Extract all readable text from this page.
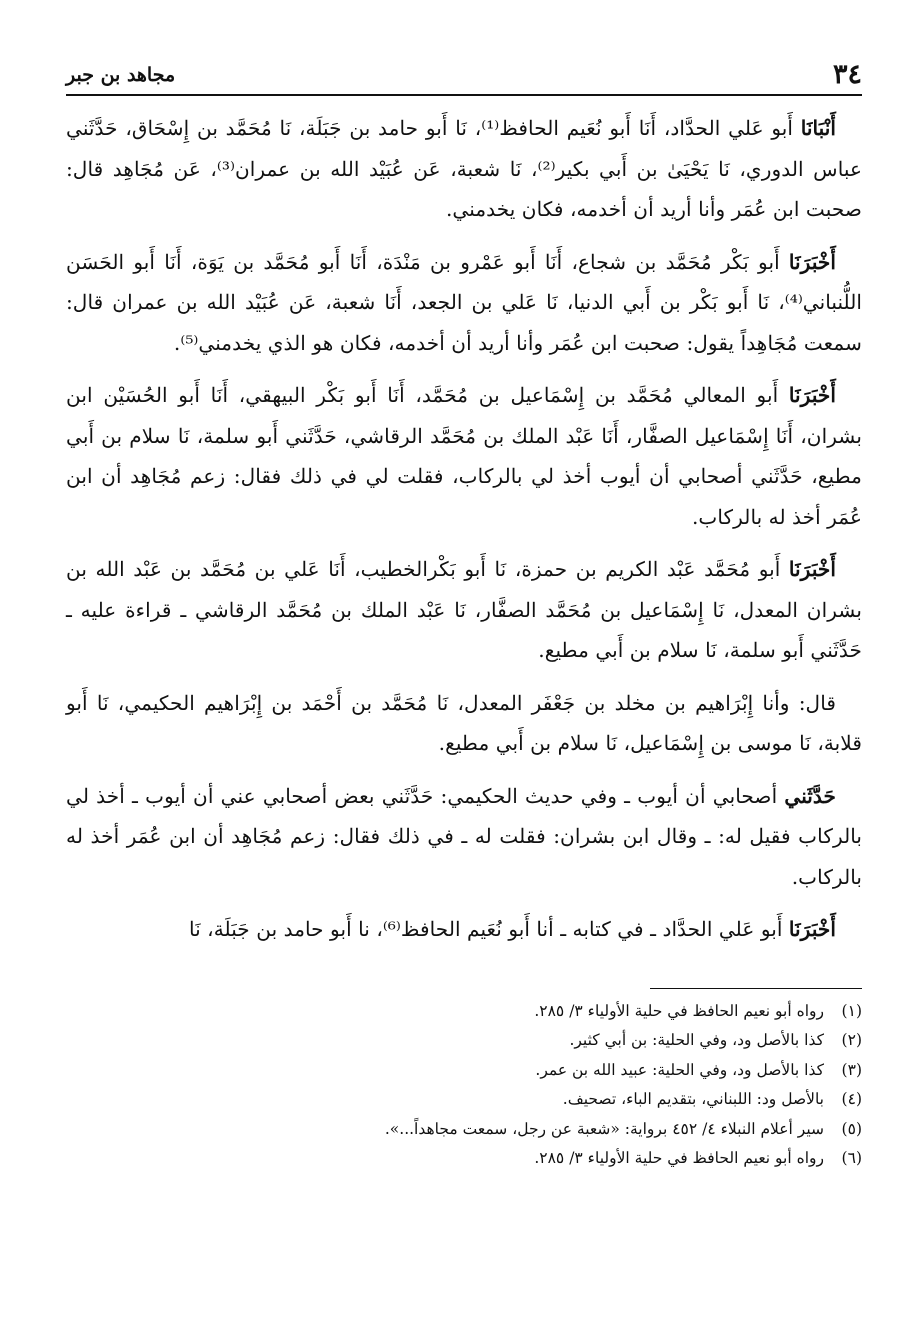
٣٤
مجاهد بن جبر

أَنْبَانَا أَبو عَلي الحدَّاد، أَنَا أَبو نُعَيم الحافظ⁽¹⁾، نَا أَبو حامد بن جَبَلَة، نَا مُحَمَّد بن إِسْحَاق، حَدَّثَني عباس الدوري، نَا يَحْيَىٰ بن أَبي بكير⁽²⁾، نَا شعبة، عَن عُبَيْد الله بن عمران⁽³⁾، عَن مُجَاهِد قال: صحبت ابن عُمَر وأنا أريد أن أخدمه، فكان يخدمني.

أَخْبَرَنَا أَبو بَكْر مُحَمَّد بن شجاع، أَنَا أَبو عَمْرو بن مَنْدَة، أَنَا أَبو مُحَمَّد بن يَوَة، أَنَا أَبو الحَسَن اللُّنباني⁽⁴⁾، نَا أَبو بَكْر بن أَبي الدنيا، نَا عَلي بن الجعد، أَنَا شعبة، عَن عُبَيْد الله بن عمران قال: سمعت مُجَاهِداً يقول: صحبت ابن عُمَر وأنا أريد أن أخدمه، فكان هو الذي يخدمني⁽⁵⁾.

أَخْبَرَنَا أَبو المعالي مُحَمَّد بن إِسْمَاعيل بن مُحَمَّد، أَنَا أَبو بَكْر البيهقي، أَنَا أَبو الحُسَيْن ابن بشران، أَنَا إِسْمَاعيل الصفَّار، أَنَا عَبْد الملك بن مُحَمَّد الرقاشي، حَدَّثَني أَبو سلمة، نَا سلام بن أَبي مطيع، حَدَّثَني أصحابي أن أيوب أخذ لي بالركاب، فقلت لي في ذلك فقال: زعم مُجَاهِد أن ابن عُمَر أخذ له بالركاب.

أَخْبَرَنَا أَبو مُحَمَّد عَبْد الكريم بن حمزة، نَا أَبو بَكْرالخطيب، أَنَا عَلي بن مُحَمَّد بن عَبْد الله بن بشران المعدل، نَا إِسْمَاعيل بن مُحَمَّد الصفَّار، نَا عَبْد الملك بن مُحَمَّد الرقاشي ـ قراءة عليه ـ حَدَّثَني أَبو سلمة، نَا سلام بن أَبي مطيع.

قال: وأنا إِبْرَاهيم بن مخلد بن جَعْفَر المعدل، نَا مُحَمَّد بن أَحْمَد بن إِبْرَاهيم الحكيمي، نَا أَبو قلابة، نَا موسى بن إِسْمَاعيل، نَا سلام بن أَبي مطيع.

حَدَّثَني أصحابي أن أيوب ـ وفي حديث الحكيمي: حَدَّثَني بعض أصحابي عني أن أيوب ـ أخذ لي بالركاب فقيل له: ـ وقال ابن بشران: فقلت له ـ في ذلك فقال: زعم مُجَاهِد أن ابن عُمَر أخذ له بالركاب.

أَخْبَرَنَا أَبو عَلي الحدَّاد ـ في كتابه ـ أنا أَبو نُعَيم الحافظ⁽⁶⁾، نا أَبو حامد بن جَبَلَة، نَا

(١)
رواه أبو نعيم الحافظ في حلية الأولياء ٣/ ٢٨٥.
(٢)
كذا بالأصل ود، وفي الحلية: بن أبي كثير.
(٣)
كذا بالأصل ود، وفي الحلية: عبيد الله بن عمر.
(٤)
بالأصل ود: اللبناني، بتقديم الباء، تصحيف.
(٥)
سير أعلام النبلاء ٤/ ٤٥٢ برواية: «شعبة عن رجل، سمعت مجاهداً...».
(٦)
رواه أبو نعيم الحافظ في حلية الأولياء ٣/ ٢٨٥.
